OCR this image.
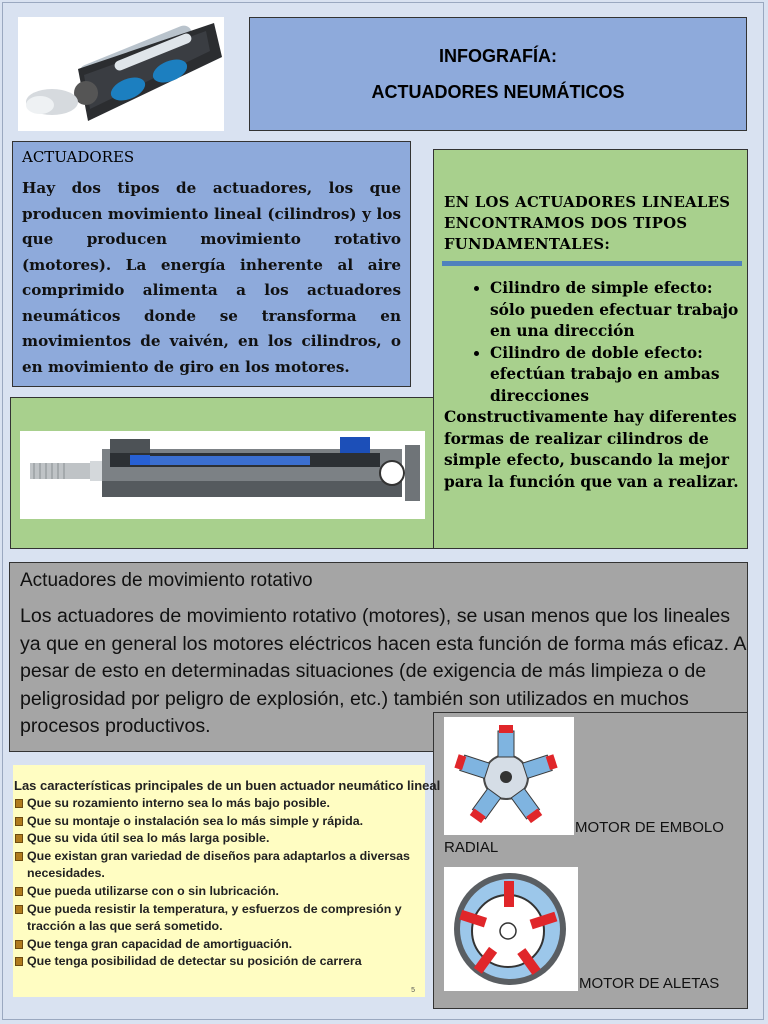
INFOGRAFÍA:
ACTUADORES NEUMÁTICOS
ACTUADORES

Hay dos tipos de actuadores, los que producen movimiento lineal (cilindros) y los que producen movimiento rotativo (motores). La energía inherente al aire comprimido alimenta a los actuadores neumáticos donde se transforma en movimientos de vaivén, en los cilindros, o en movimiento de giro en los motores.

EN LOS ACTUADORES LINEALES ENCONTRAMOS DOS TIPOS FUNDAMENTALES:

• Cilindro de simple efecto: sólo pueden efectuar trabajo en una dirección
• Cilindro de doble efecto: efectúan trabajo en ambas direcciones

Constructivamente hay diferentes formas de realizar cilindros de simple efecto, buscando la mejor para la función que van a realizar.

Actuadores de movimiento rotativo

Los actuadores de movimiento rotativo (motores), se usan menos que los lineales ya que en general los motores eléctricos hacen esta función de forma más eficaz. A pesar de esto en determinadas situaciones (de exigencia de más limpieza o de peligrosidad por peligro de explosión, etc.) también son utilizados en muchos procesos productivos.

MOTOR DE EMBOLO
RADIAL
MOTOR DE ALETAS
Las características principales de un buen actuador neumático lineal
Que su rozamiento interno sea lo más bajo posible.
Que su montaje o instalación sea lo más simple y rápida.
Que su vida útil sea lo más larga posible.
Que existan gran variedad de diseños para adaptarlos a diversas necesidades.
Que pueda utilizarse con o sin lubricación.
Que pueda resistir la temperatura, y esfuerzos de compresión y tracción a las que será sometido.
Que tenga gran capacidad de amortiguación.
Que tenga posibilidad de detectar su posición de carrera
5
